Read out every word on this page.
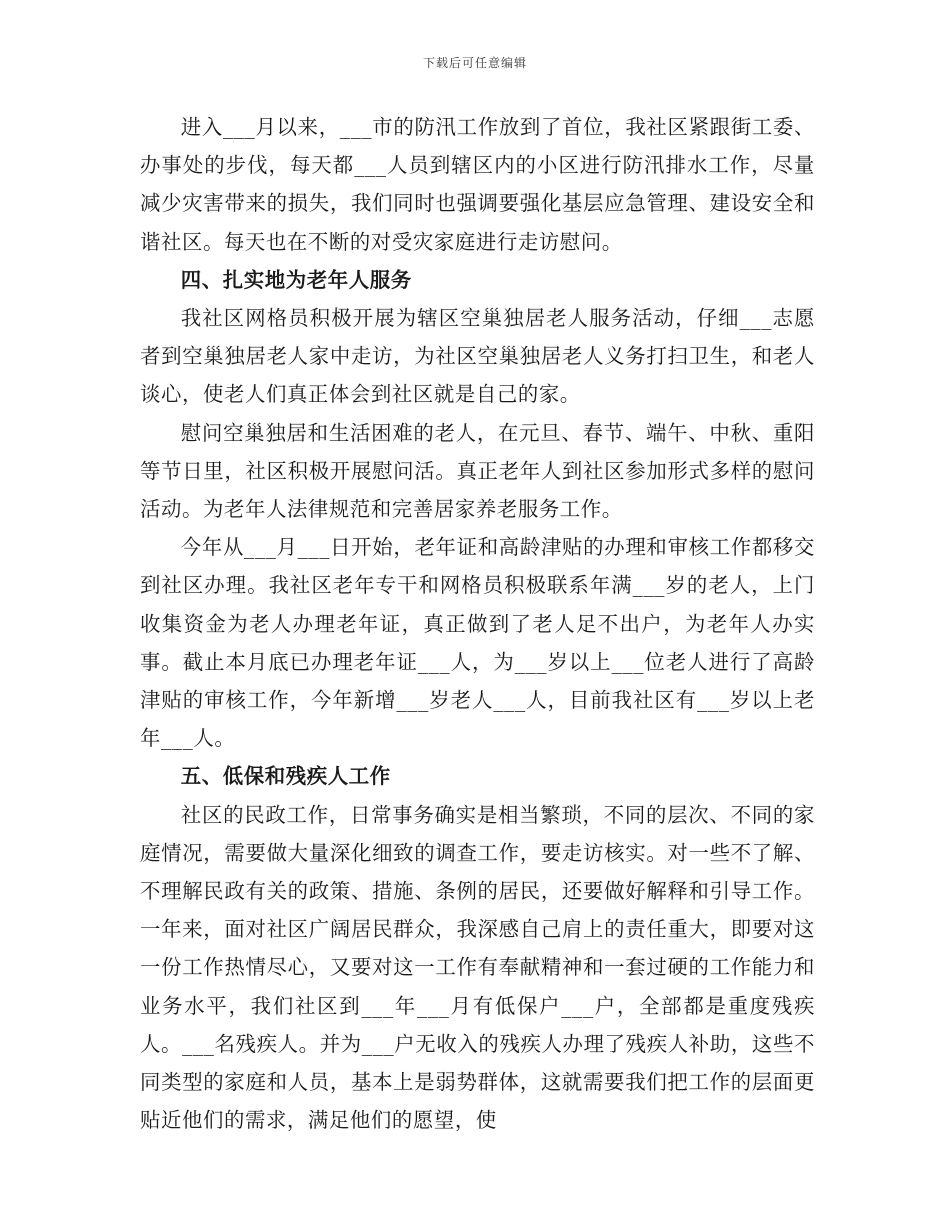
下载后可任意编辑

进入___月以来，___市的防汛工作放到了首位，我社区紧跟街工委、办事处的步伐，每天都___人员到辖区内的小区进行防汛排水工作，尽量减少灾害带来的损失，我们同时也强调要强化基层应急管理、建设安全和谐社区。每天也在不断的对受灾家庭进行走访慰问。

四、扎实地为老年人服务

我社区网格员积极开展为辖区空巢独居老人服务活动，仔细___志愿者到空巢独居老人家中走访，为社区空巢独居老人义务打扫卫生，和老人谈心，使老人们真正体会到社区就是自己的家。

慰问空巢独居和生活困难的老人，在元旦、春节、端午、中秋、重阳等节日里，社区积极开展慰问活。真正老年人到社区参加形式多样的慰问活动。为老年人法律规范和完善居家养老服务工作。

今年从___月___日开始，老年证和高龄津贴的办理和审核工作都移交到社区办理。我社区老年专干和网格员积极联系年满___岁的老人，上门收集资金为老人办理老年证，真正做到了老人足不出户，为老年人办实事。截止本月底已办理老年证___人，为___岁以上___位老人进行了高龄津贴的审核工作，今年新增___岁老人___人，目前我社区有___岁以上老年___人。

五、低保和残疾人工作

社区的民政工作，日常事务确实是相当繁琐，不同的层次、不同的家庭情况，需要做大量深化细致的调查工作，要走访核实。对一些不了解、不理解民政有关的政策、措施、条例的居民，还要做好解释和引导工作。一年来，面对社区广阔居民群众，我深感自己肩上的责任重大，即要对这一份工作热情尽心，又要对这一工作有奉献精神和一套过硬的工作能力和业务水平，我们社区到___年___月有低保户___户，全部都是重度残疾人。___名残疾人。并为___户无收入的残疾人办理了残疾人补助，这些不同类型的家庭和人员，基本上是弱势群体，这就需要我们把工作的层面更贴近他们的需求，满足他们的愿望，使
